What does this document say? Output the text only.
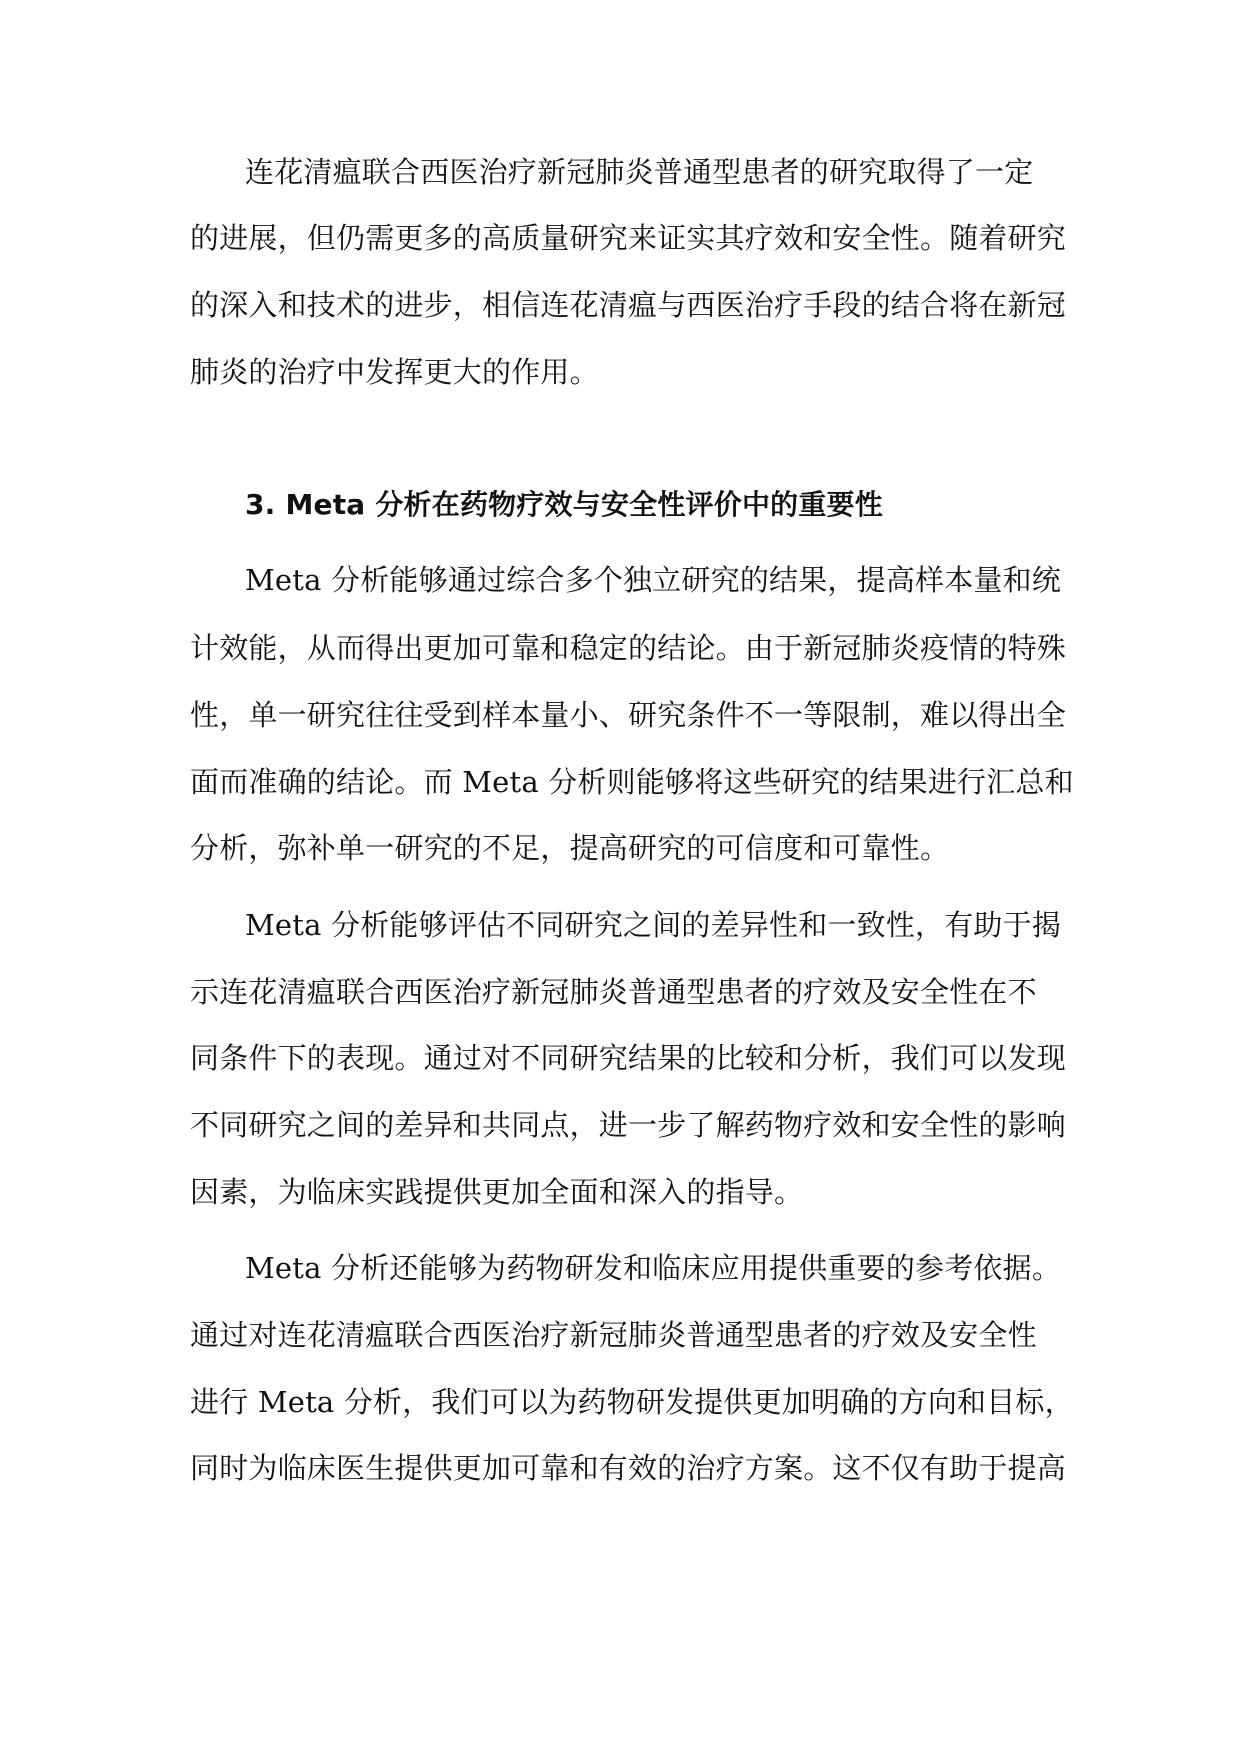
连花清瘟联合西医治疗新冠肺炎普通型患者的研究取得了一定
的进展，但仍需更多的高质量研究来证实其疗效和安全性。随着研究
的深入和技术的进步，相信连花清瘟与西医治疗手段的结合将在新冠
肺炎的治疗中发挥更大的作用。
3. Meta 分析在药物疗效与安全性评价中的重要性
Meta 分析能够通过综合多个独立研究的结果，提高样本量和统
计效能，从而得出更加可靠和稳定的结论。由于新冠肺炎疫情的特殊
性，单一研究往往受到样本量小、研究条件不一等限制，难以得出全
面而准确的结论。而 Meta 分析则能够将这些研究的结果进行汇总和
分析，弥补单一研究的不足，提高研究的可信度和可靠性。
Meta 分析能够评估不同研究之间的差异性和一致性，有助于揭
示连花清瘟联合西医治疗新冠肺炎普通型患者的疗效及安全性在不
同条件下的表现。通过对不同研究结果的比较和分析，我们可以发现
不同研究之间的差异和共同点，进一步了解药物疗效和安全性的影响
因素，为临床实践提供更加全面和深入的指导。
Meta 分析还能够为药物研发和临床应用提供重要的参考依据。
通过对连花清瘟联合西医治疗新冠肺炎普通型患者的疗效及安全性
进行 Meta 分析，我们可以为药物研发提供更加明确的方向和目标，
同时为临床医生提供更加可靠和有效的治疗方案。这不仅有助于提高
